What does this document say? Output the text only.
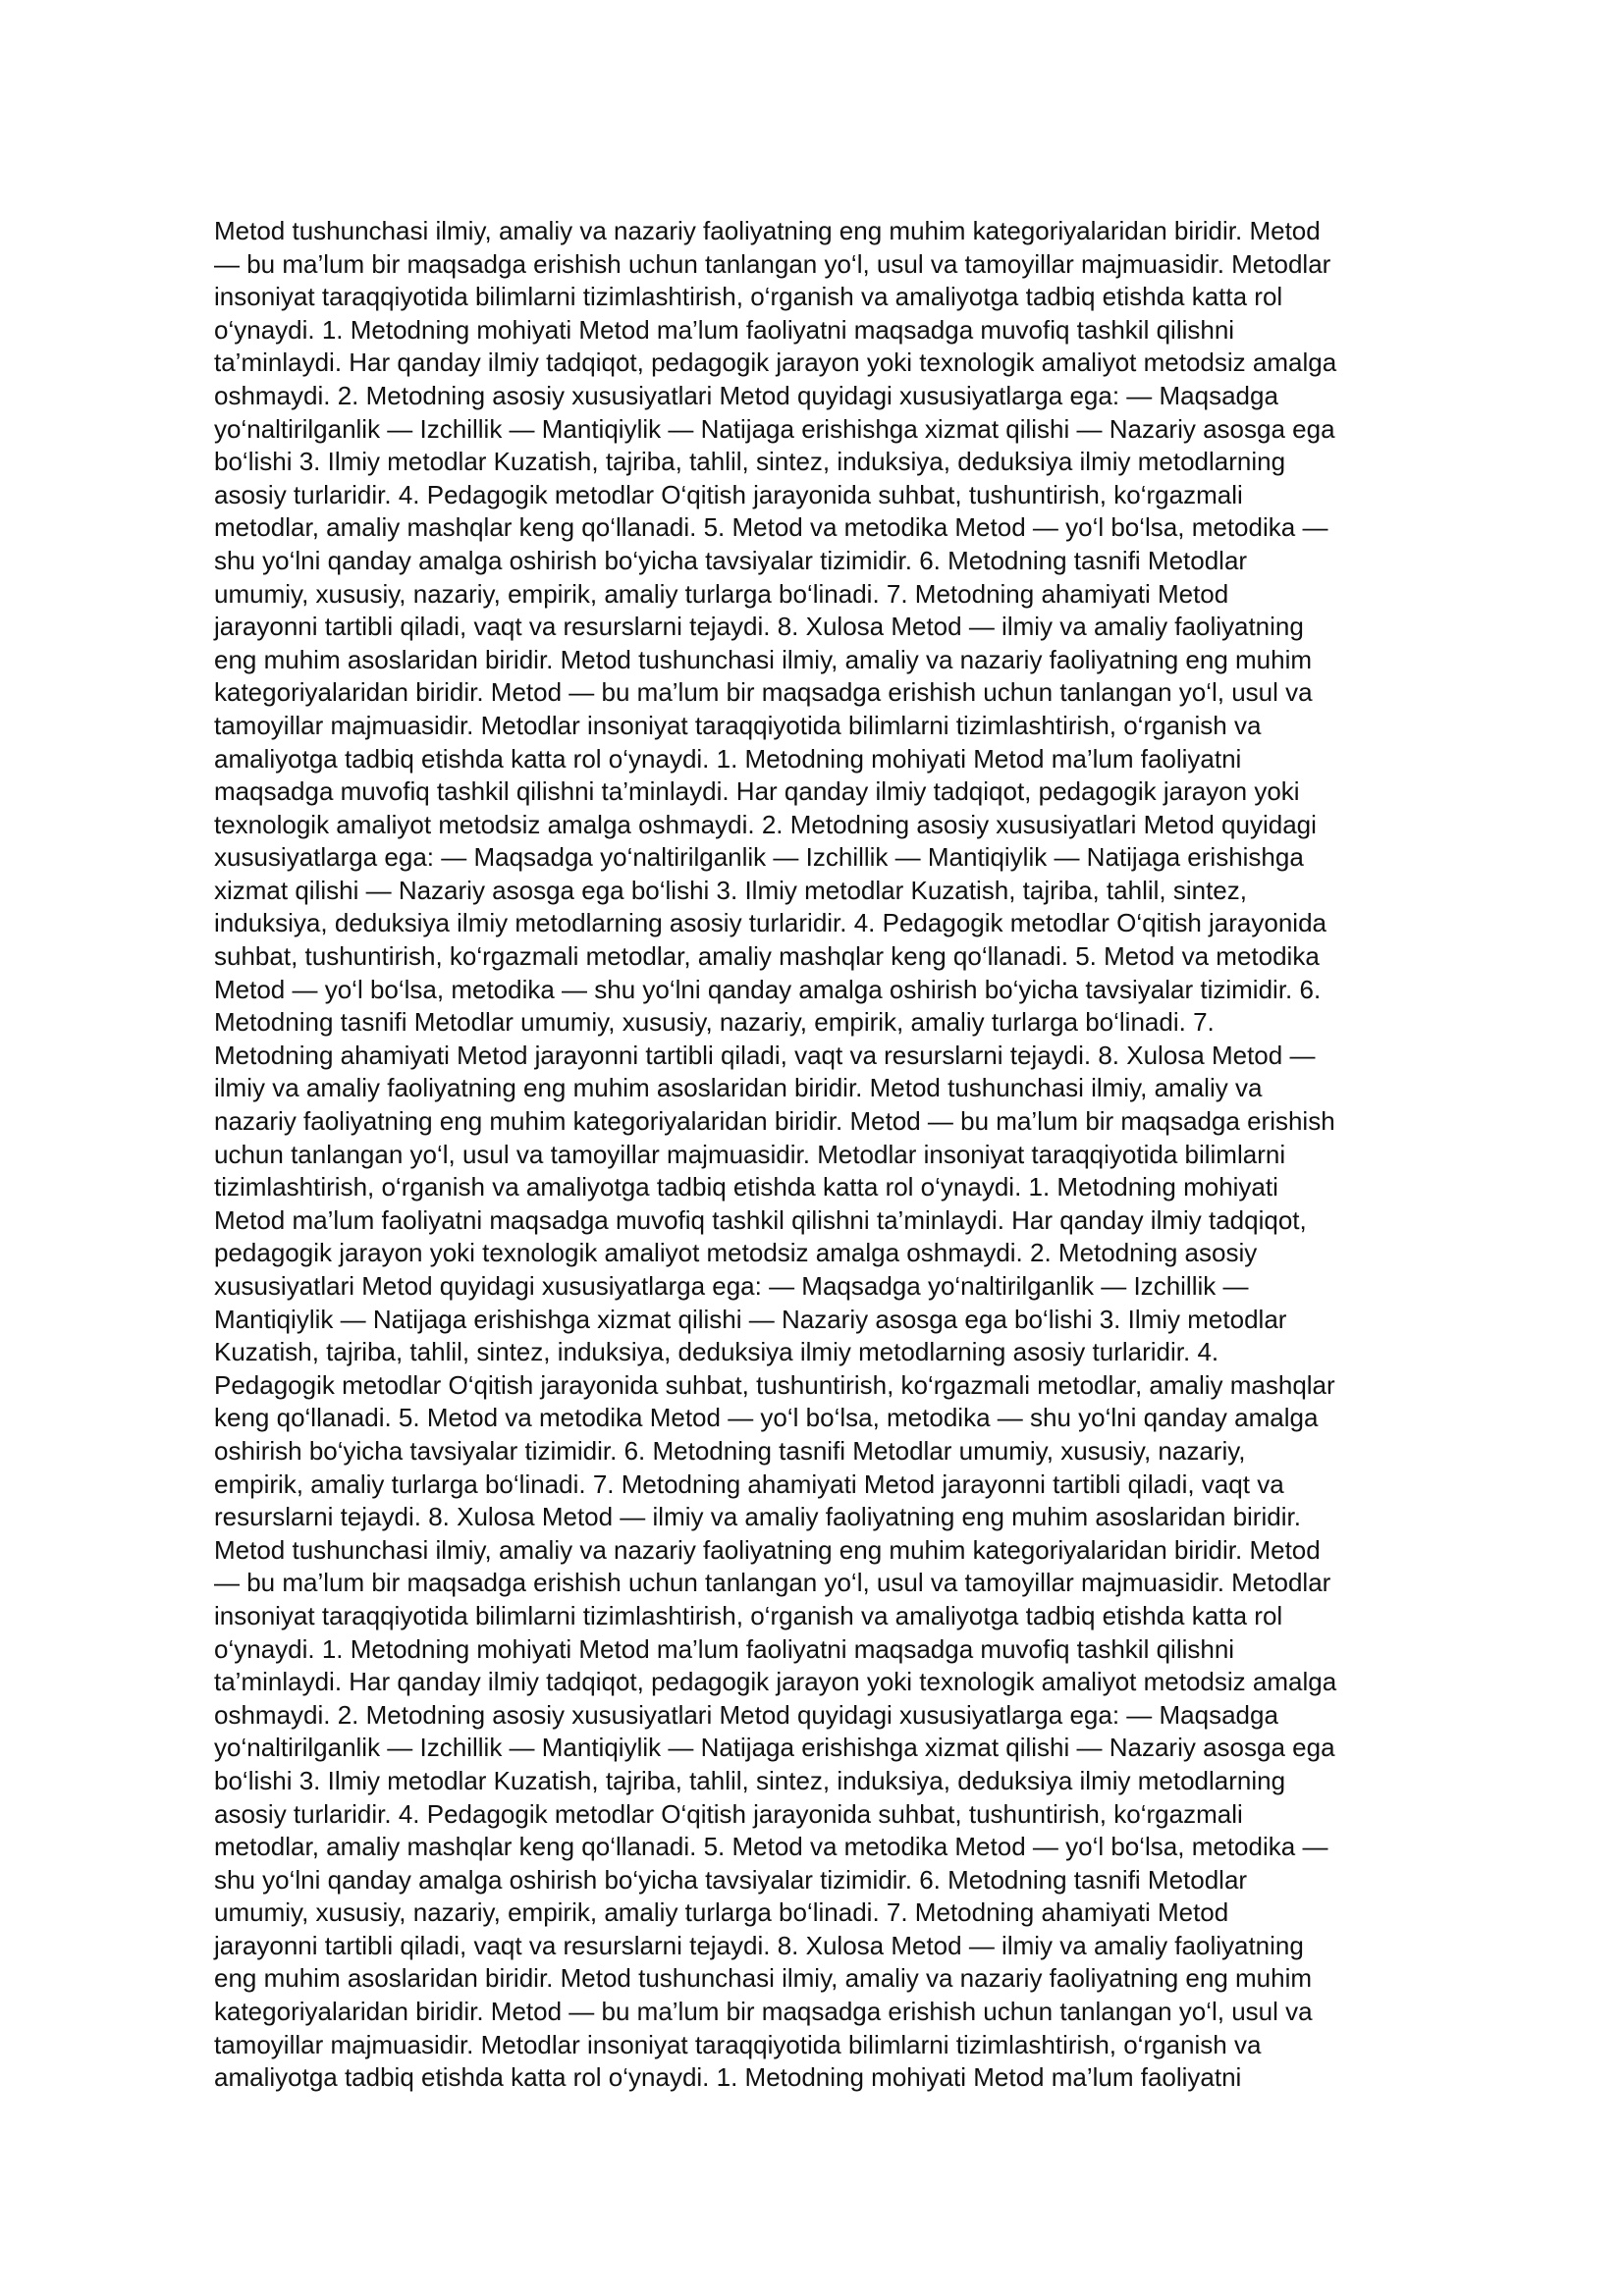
Metod tushunchasi ilmiy, amaliy va nazariy faoliyatning eng muhim kategoriyalaridan biridir. Metod
— bu ma’lum bir maqsadga erishish uchun tanlangan yo‘l, usul va tamoyillar majmuasidir. Metodlar
insoniyat taraqqiyotida bilimlarni tizimlashtirish, o‘rganish va amaliyotga tadbiq etishda katta rol
o‘ynaydi. 1. Metodning mohiyati Metod ma’lum faoliyatni maqsadga muvofiq tashkil qilishni
ta’minlaydi. Har qanday ilmiy tadqiqot, pedagogik jarayon yoki texnologik amaliyot metodsiz amalga
oshmaydi. 2. Metodning asosiy xususiyatlari Metod quyidagi xususiyatlarga ega: — Maqsadga
yo‘naltirilganlik — Izchillik — Mantiqiylik — Natijaga erishishga xizmat qilishi — Nazariy asosga ega
bo‘lishi 3. Ilmiy metodlar Kuzatish, tajriba, tahlil, sintez, induksiya, deduksiya ilmiy metodlarning
asosiy turlaridir. 4. Pedagogik metodlar O‘qitish jarayonida suhbat, tushuntirish, ko‘rgazmali
metodlar, amaliy mashqlar keng qo‘llanadi. 5. Metod va metodika Metod — yo‘l bo‘lsa, metodika —
shu yo‘lni qanday amalga oshirish bo‘yicha tavsiyalar tizimidir. 6. Metodning tasnifi Metodlar
umumiy, xususiy, nazariy, empirik, amaliy turlarga bo‘linadi. 7. Metodning ahamiyati Metod
jarayonni tartibli qiladi, vaqt va resurslarni tejaydi. 8. Xulosa Metod — ilmiy va amaliy faoliyatning
eng muhim asoslaridan biridir. Metod tushunchasi ilmiy, amaliy va nazariy faoliyatning eng muhim
kategoriyalaridan biridir. Metod — bu ma’lum bir maqsadga erishish uchun tanlangan yo‘l, usul va
tamoyillar majmuasidir. Metodlar insoniyat taraqqiyotida bilimlarni tizimlashtirish, o‘rganish va
amaliyotga tadbiq etishda katta rol o‘ynaydi. 1. Metodning mohiyati Metod ma’lum faoliyatni
maqsadga muvofiq tashkil qilishni ta’minlaydi. Har qanday ilmiy tadqiqot, pedagogik jarayon yoki
texnologik amaliyot metodsiz amalga oshmaydi. 2. Metodning asosiy xususiyatlari Metod quyidagi
xususiyatlarga ega: — Maqsadga yo‘naltirilganlik — Izchillik — Mantiqiylik — Natijaga erishishga
xizmat qilishi — Nazariy asosga ega bo‘lishi 3. Ilmiy metodlar Kuzatish, tajriba, tahlil, sintez,
induksiya, deduksiya ilmiy metodlarning asosiy turlaridir. 4. Pedagogik metodlar O‘qitish jarayonida
suhbat, tushuntirish, ko‘rgazmali metodlar, amaliy mashqlar keng qo‘llanadi. 5. Metod va metodika
Metod — yo‘l bo‘lsa, metodika — shu yo‘lni qanday amalga oshirish bo‘yicha tavsiyalar tizimidir. 6.
Metodning tasnifi Metodlar umumiy, xususiy, nazariy, empirik, amaliy turlarga bo‘linadi. 7.
Metodning ahamiyati Metod jarayonni tartibli qiladi, vaqt va resurslarni tejaydi. 8. Xulosa Metod —
ilmiy va amaliy faoliyatning eng muhim asoslaridan biridir. Metod tushunchasi ilmiy, amaliy va
nazariy faoliyatning eng muhim kategoriyalaridan biridir. Metod — bu ma’lum bir maqsadga erishish
uchun tanlangan yo‘l, usul va tamoyillar majmuasidir. Metodlar insoniyat taraqqiyotida bilimlarni
tizimlashtirish, o‘rganish va amaliyotga tadbiq etishda katta rol o‘ynaydi. 1. Metodning mohiyati
Metod ma’lum faoliyatni maqsadga muvofiq tashkil qilishni ta’minlaydi. Har qanday ilmiy tadqiqot,
pedagogik jarayon yoki texnologik amaliyot metodsiz amalga oshmaydi. 2. Metodning asosiy
xususiyatlari Metod quyidagi xususiyatlarga ega: — Maqsadga yo‘naltirilganlik — Izchillik —
Mantiqiylik — Natijaga erishishga xizmat qilishi — Nazariy asosga ega bo‘lishi 3. Ilmiy metodlar
Kuzatish, tajriba, tahlil, sintez, induksiya, deduksiya ilmiy metodlarning asosiy turlaridir. 4.
Pedagogik metodlar O‘qitish jarayonida suhbat, tushuntirish, ko‘rgazmali metodlar, amaliy mashqlar
keng qo‘llanadi. 5. Metod va metodika Metod — yo‘l bo‘lsa, metodika — shu yo‘lni qanday amalga
oshirish bo‘yicha tavsiyalar tizimidir. 6. Metodning tasnifi Metodlar umumiy, xususiy, nazariy,
empirik, amaliy turlarga bo‘linadi. 7. Metodning ahamiyati Metod jarayonni tartibli qiladi, vaqt va
resurslarni tejaydi. 8. Xulosa Metod — ilmiy va amaliy faoliyatning eng muhim asoslaridan biridir.
Metod tushunchasi ilmiy, amaliy va nazariy faoliyatning eng muhim kategoriyalaridan biridir. Metod
— bu ma’lum bir maqsadga erishish uchun tanlangan yo‘l, usul va tamoyillar majmuasidir. Metodlar
insoniyat taraqqiyotida bilimlarni tizimlashtirish, o‘rganish va amaliyotga tadbiq etishda katta rol
o‘ynaydi. 1. Metodning mohiyati Metod ma’lum faoliyatni maqsadga muvofiq tashkil qilishni
ta’minlaydi. Har qanday ilmiy tadqiqot, pedagogik jarayon yoki texnologik amaliyot metodsiz amalga
oshmaydi. 2. Metodning asosiy xususiyatlari Metod quyidagi xususiyatlarga ega: — Maqsadga
yo‘naltirilganlik — Izchillik — Mantiqiylik — Natijaga erishishga xizmat qilishi — Nazariy asosga ega
bo‘lishi 3. Ilmiy metodlar Kuzatish, tajriba, tahlil, sintez, induksiya, deduksiya ilmiy metodlarning
asosiy turlaridir. 4. Pedagogik metodlar O‘qitish jarayonida suhbat, tushuntirish, ko‘rgazmali
metodlar, amaliy mashqlar keng qo‘llanadi. 5. Metod va metodika Metod — yo‘l bo‘lsa, metodika —
shu yo‘lni qanday amalga oshirish bo‘yicha tavsiyalar tizimidir. 6. Metodning tasnifi Metodlar
umumiy, xususiy, nazariy, empirik, amaliy turlarga bo‘linadi. 7. Metodning ahamiyati Metod
jarayonni tartibli qiladi, vaqt va resurslarni tejaydi. 8. Xulosa Metod — ilmiy va amaliy faoliyatning
eng muhim asoslaridan biridir. Metod tushunchasi ilmiy, amaliy va nazariy faoliyatning eng muhim
kategoriyalaridan biridir. Metod — bu ma’lum bir maqsadga erishish uchun tanlangan yo‘l, usul va
tamoyillar majmuasidir. Metodlar insoniyat taraqqiyotida bilimlarni tizimlashtirish, o‘rganish va
amaliyotga tadbiq etishda katta rol o‘ynaydi. 1. Metodning mohiyati Metod ma’lum faoliyatni
